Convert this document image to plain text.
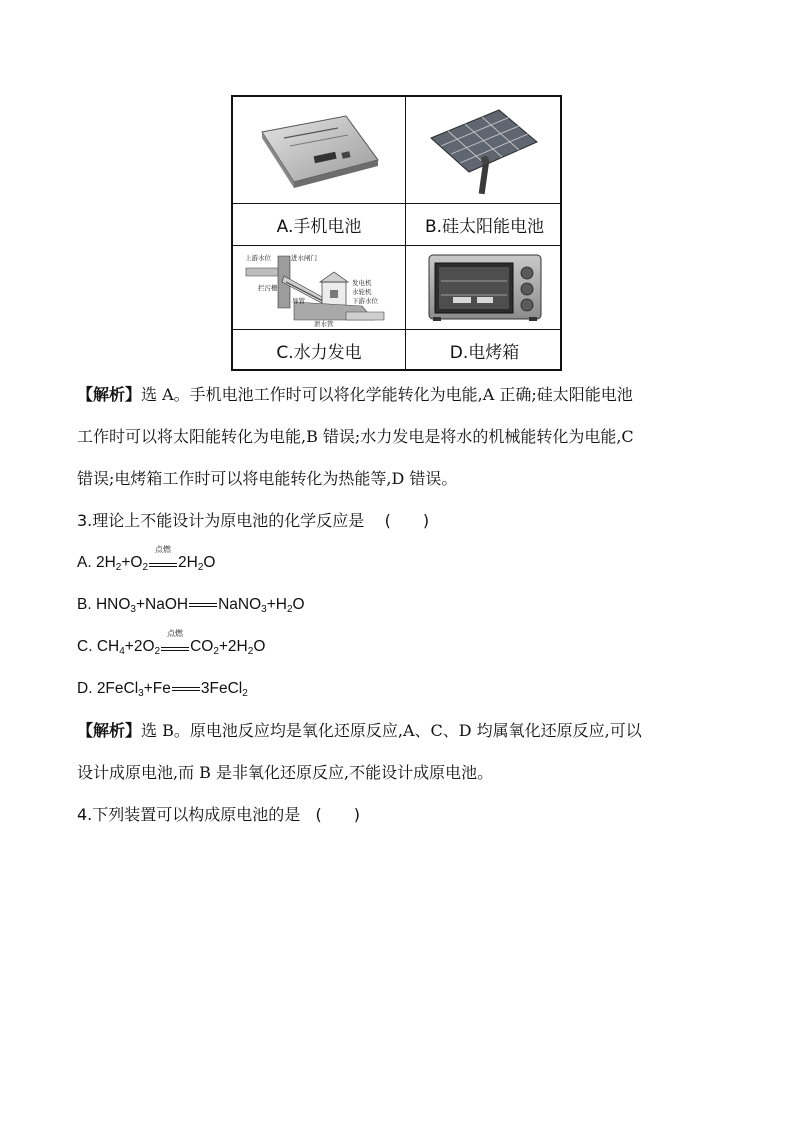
A.手机电池	B.硅太阳能电池
上游水位	进水闸门
拦污栅
导管
发电机
水轮机
下游水位
泄水管
C.水力发电	D.电烤箱
【解析】选 A。手机电池工作时可以将化学能转化为电能,A 正确;硅太阳能电池
工作时可以将太阳能转化为电能,B 错误;水力发电是将水的机械能转化为电能,C
错误;电烤箱工作时可以将电能转化为热能等,D 错误。
3.理论上不能设计为原电池的化学反应是 (　　)
A. $2H_2+O_2$
点燃
$2H_2O$
B. $HNO_3+NaOH$ $NaNO_3+H_2O$
C. $CH_4+2O_2$
点燃
$CO_2+2H_2O$
D. 2FeCl$_3$+Fe 3FeCl$_2$
【解析】选 B。原电池反应均是氧化还原反应,A、C、D 均属氧化还原反应,可以
设计成原电池,而 B 是非氧化还原反应,不能设计成原电池。
4.下列装置可以构成原电池的是 (　　)
